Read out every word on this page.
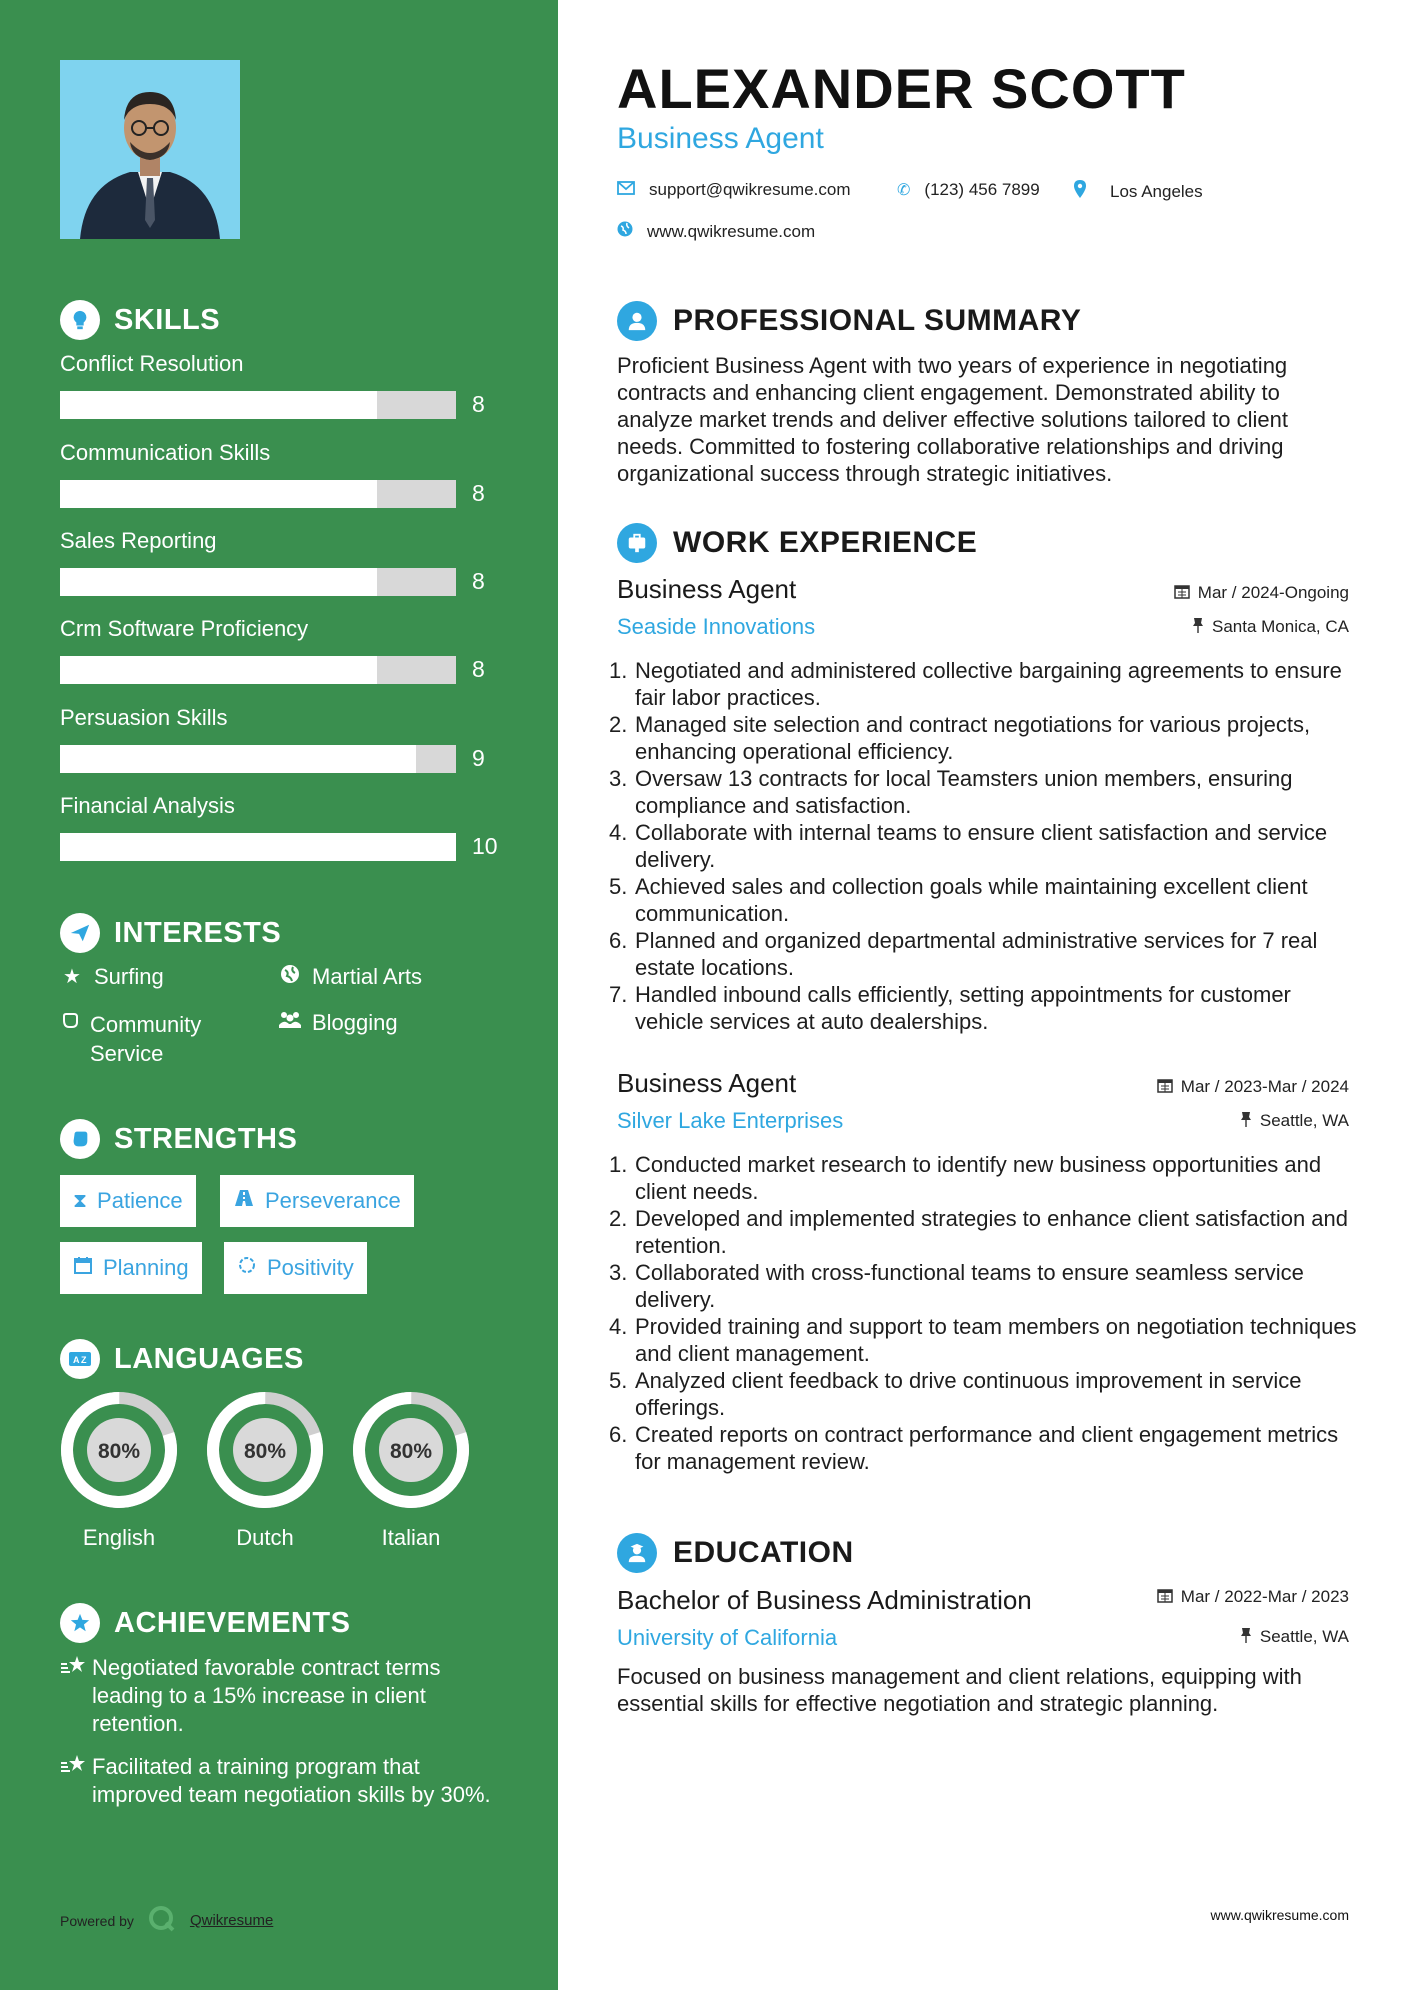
SKILLS
Conflict Resolution
8
Communication Skills
8
Sales Reporting
8
Crm Software Proficiency
8
Persuasion Skills
9
Financial Analysis
10
INTERESTS
★ Surfing	Martial Arts
Community Service
Blogging
STRENGTHS
⧗ Patience	Perseverance
Planning	Positivity
A Z LANGUAGES
80%
English
80%
Dutch
80%
Italian
ACHIEVEMENTS
Negotiated favorable contract terms leading to a 15% increase in client retention.
Facilitated a training program that improved team negotiation skills by 30%.
Powered by	Qwikresume
ALEXANDER SCOTT
Business Agent
support@qwikresume.com	✆ (123) 456 7899	Los Angeles
www.qwikresume.com
PROFESSIONAL SUMMARY
Proficient Business Agent with two years of experience in negotiating contracts and enhancing client engagement. Demonstrated ability to analyze market trends and deliver effective solutions tailored to client needs. Committed to fostering collaborative relationships and driving organizational success through strategic initiatives.
WORK EXPERIENCE
Business Agent
Seaside Innovations
Mar / 2024-Ongoing
Santa Monica, CA
1. Negotiated and administered collective bargaining agreements to ensure fair labor practices.
2. Managed site selection and contract negotiations for various projects, enhancing operational efficiency.
3. Oversaw 13 contracts for local Teamsters union members, ensuring compliance and satisfaction.
4. Collaborate with internal teams to ensure client satisfaction and service delivery.
5. Achieved sales and collection goals while maintaining excellent client communication.
6. Planned and organized departmental administrative services for 7 real estate locations.
7. Handled inbound calls efficiently, setting appointments for customer vehicle services at auto dealerships.
Business Agent
Silver Lake Enterprises
Mar / 2023-Mar / 2024
Seattle, WA
1. Conducted market research to identify new business opportunities and client needs.
2. Developed and implemented strategies to enhance client satisfaction and retention.
3. Collaborated with cross-functional teams to ensure seamless service delivery.
4. Provided training and support to team members on negotiation techniques and client management.
5. Analyzed client feedback to drive continuous improvement in service offerings.
6. Created reports on contract performance and client engagement metrics for management review.
EDUCATION
Bachelor of Business Administration
University of California
Mar / 2022-Mar / 2023
Seattle, WA
Focused on business management and client relations, equipping with essential skills for effective negotiation and strategic planning.
www.qwikresume.com
